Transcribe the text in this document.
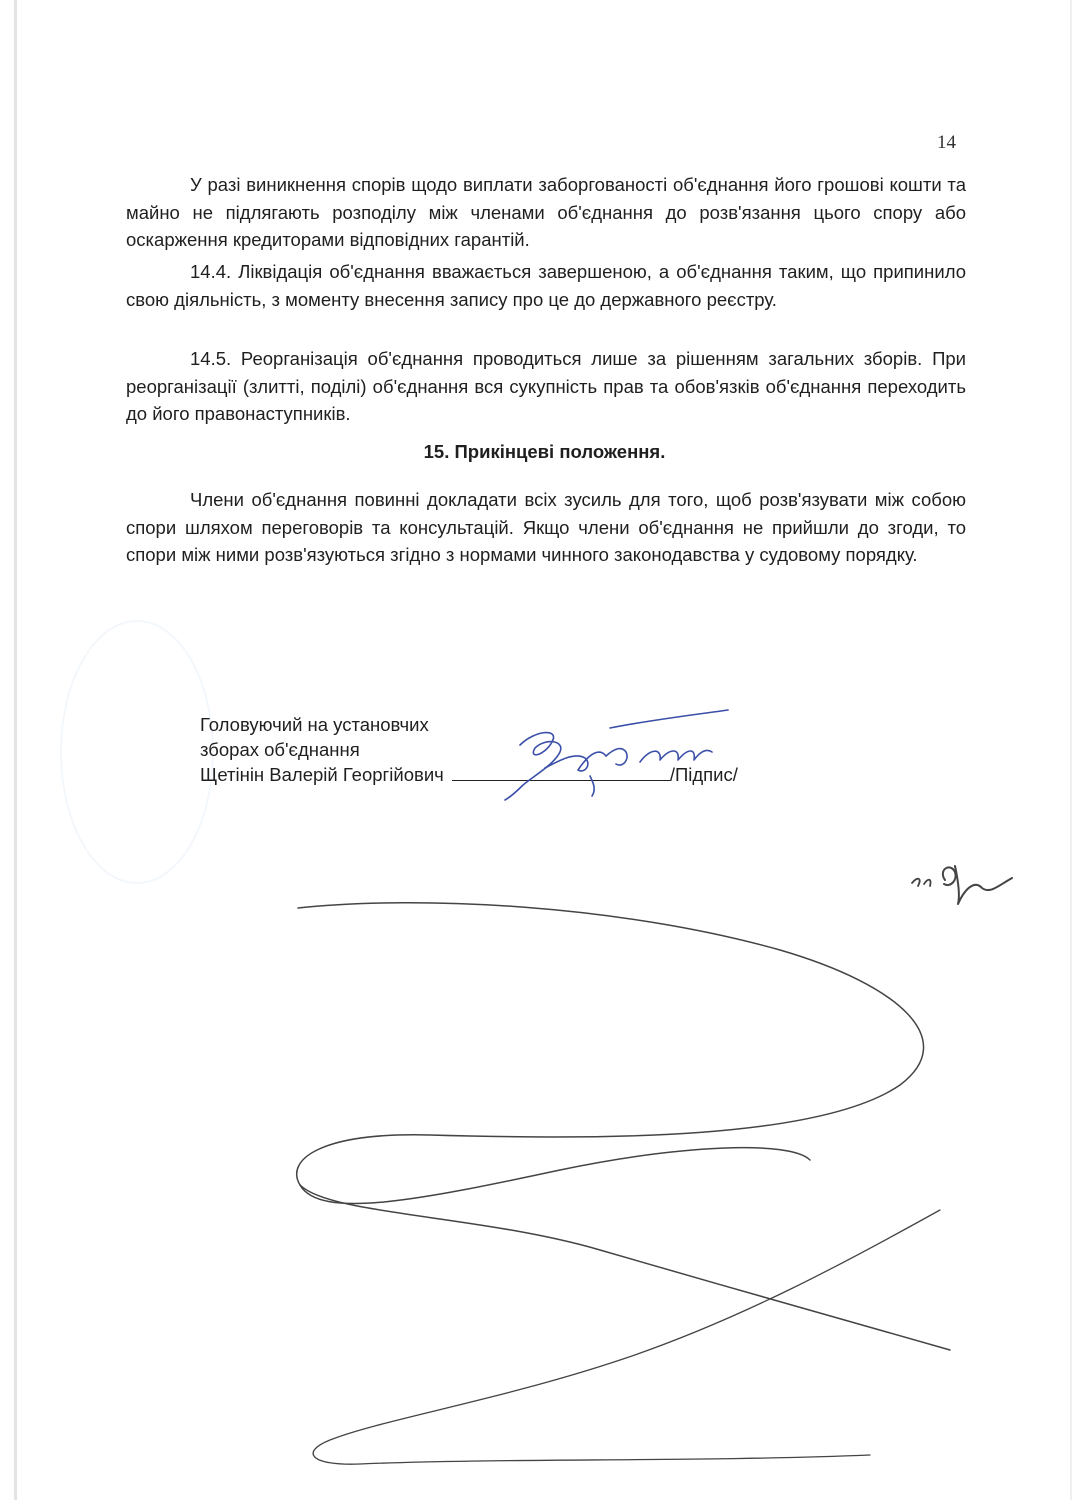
14

У разі виникнення спорів щодо виплати заборгованості об'єднання його грошові кошти та майно не підлягають розподілу між членами об'єднання до розв'язання цього спору або оскарження кредиторами відповідних гарантій.

14.4. Ліквідація об'єднання вважається завершеною, а об'єднання таким, що припинило свою діяльність, з моменту внесення запису про це до державного реєстру.

14.5. Реорганізація об'єднання проводиться лише за рішенням загальних зборів. При реорганізації (злитті, поділі) об'єднання вся сукупність прав та обов'язків об'єднання переходить до його правонаступників.

15. Прикінцеві положення.

Члени об'єднання повинні докладати всіх зусиль для того, щоб розв'язувати між собою спори шляхом переговорів та консультацій. Якщо члени об'єднання не прийшли до згоди, то спори між ними розв'язуються згідно з нормами чинного законодавства у судовому порядку.

Головуючий на установчих
зборах об'єднання
Щетінін Валерій Георгійович	/Підпис/
